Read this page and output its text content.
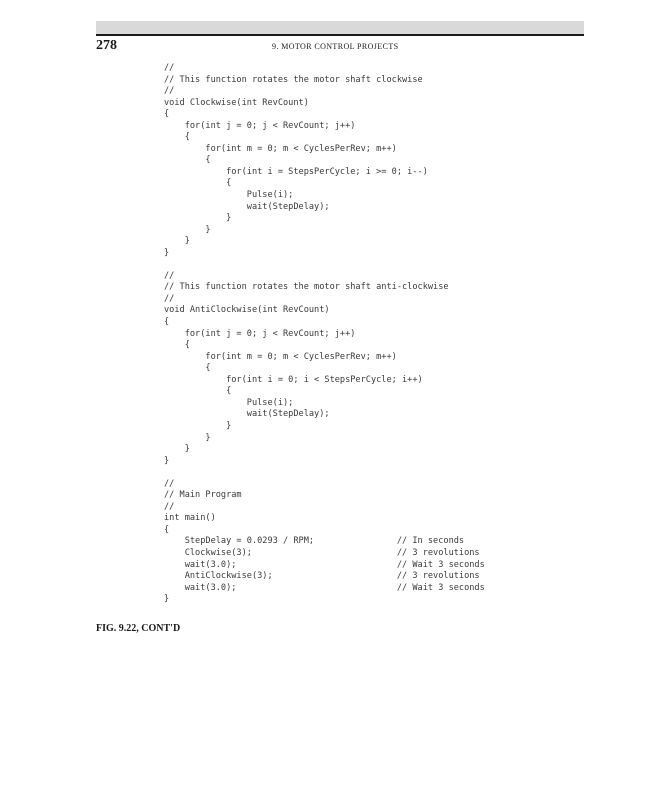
278	9. MOTOR CONTROL PROJECTS
//
// This function rotates the motor shaft clockwise
//
void Clockwise(int RevCount)
{
for(int j = 0; j < RevCount; j++)
{
for(int m = 0; m < CyclesPerRev; m++)
{
for(int i = StepsPerCycle; i >= 0; i--)
{
Pulse(i);
wait(StepDelay);
}
}
}
}
//
// This function rotates the motor shaft anti-clockwise
//
void AntiClockwise(int RevCount)
{
for(int j = 0; j < RevCount; j++)
{
for(int m = 0; m < CyclesPerRev; m++)
{
for(int i = 0; i < StepsPerCycle; i++)
{
Pulse(i);
wait(StepDelay);
}
}
}
}
//
// Main Program
//
int main()
{
StepDelay = 0.0293 / RPM;                // In seconds
Clockwise(3);                            // 3 revolutions
wait(3.0);                               // Wait 3 seconds
AntiClockwise(3);                        // 3 revolutions
wait(3.0);                               // Wait 3 seconds
}
FIG. 9.22, CONT'D
